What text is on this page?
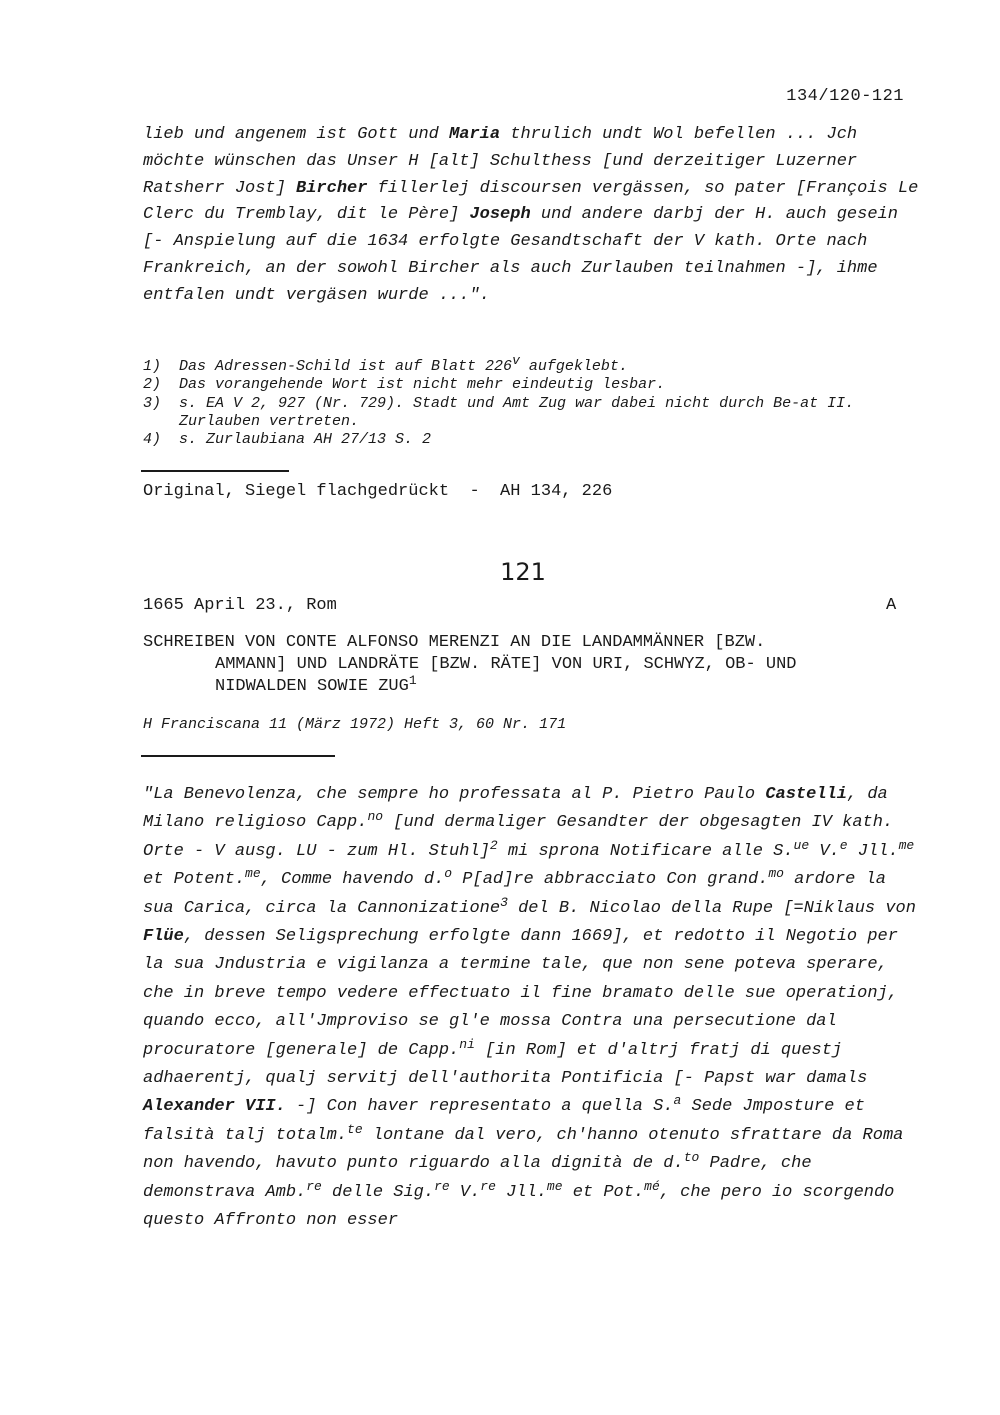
134/120-121
lieb und angenem ist Gott und Maria thrulich undt Wol befellen ... Jch möchte wünschen das Unser H [alt] Schulthess [und derzeitiger Luzerner Ratsherr Jost] Bircher fillerlej discoursen vergässen, so pater [François Le Clerc du Tremblay, dit le Père] Joseph und andere darbj der H. auch gesein [- Anspielung auf die 1634 erfolgte Gesandtschaft der V kath. Orte nach Frankreich, an der sowohl Bircher als auch Zurlauben teilnahmen -], ihme entfalen undt vergäsen wurde ...".
1)	Das Adressen-Schild ist auf Blatt 226$^v$ aufgeklebt.
2)	Das vorangehende Wort ist nicht mehr eindeutig lesbar.
3)	s. EA V 2, 927 (Nr. 729). Stadt und Amt Zug war dabei nicht durch Be-at II. Zurlauben vertreten.
4)	s. Zurlaubiana AH 27/13 S. 2
Original, Siegel flachgedrückt  -  AH 134, 226
121
1665 April 23., Rom	A
SCHREIBEN VON CONTE ALFONSO MERENZI AN DIE LANDAMMÄNNER [BZW.
AMMANN] UND LANDRÄTE [BZW. RÄTE] VON URI, SCHWYZ, OB- UND
NIDWALDEN SOWIE ZUG$^1$
H Franciscana 11 (März 1972) Heft 3, 60 Nr. 171
"La Benevolenza, che sempre ho professata al P. Pietro Paulo Castelli, da Milano religioso Capp.$^{no}$ [und dermaliger Gesandter der obgesagten IV kath. Orte - V ausg. LU - zum Hl. Stuhl]$^2$ mi sprona Notificare alle S.$^{ue}$ V.$^e$ Jll.$^{me}$ et Potent.$^{me}$, Comme havendo d.$^o$ P[ad]re abbracciato Con grand.$^{mo}$ ardore la sua Carica, circa la Cannonizatione$^3$ del B. Nicolao della Rupe [=Niklaus von Flüe, dessen Seligsprechung erfolgte dann 1669], et redotto il Negotio per la sua Jndustria e vigilanza a termine tale, que non sene poteva sperare, che in breve tempo vedere effectuato il fine bramato delle sue operationj, quando ecco, all'Jmproviso se gl'e mossa Contra una persecutione dal procuratore [generale] de Capp.$^{ni}$ [in Rom] et d'altrj fratj di questj adhaerentj, qualj servitj dell'authorita Pontificia [- Papst war damals Alexander VII. -] Con haver representato a quella S.$^a$ Sede Jmposture et falsità talj totalm.$^{te}$ lontane dal vero, ch'hanno otenuto sfrattare da Roma non havendo, havuto punto riguardo alla dignità de d.$^{to}$ Padre, che demonstrava Amb.$^{re}$ delle Sig.$^{re}$ V.$^{re}$ Jll.$^{me}$ et Pot.$^{mé}$, che pero io scorgendo questo Affronto non esser
